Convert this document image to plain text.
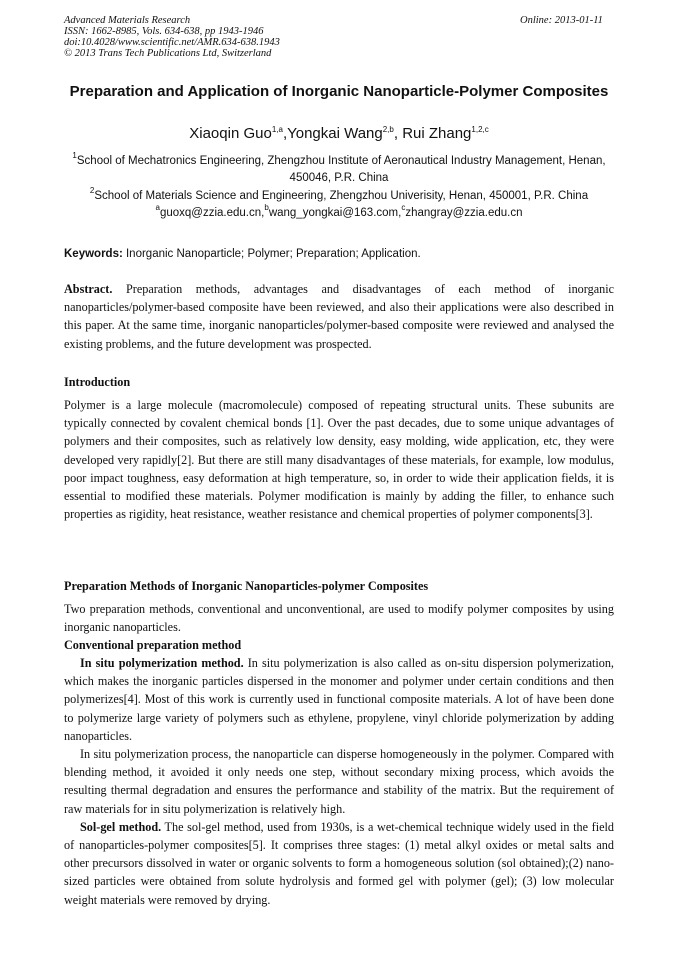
Advanced Materials Research
ISSN: 1662-8985, Vols. 634-638, pp 1943-1946
doi:10.4028/www.scientific.net/AMR.634-638.1943
© 2013 Trans Tech Publications Ltd, Switzerland
Online: 2013-01-11
Preparation and Application of Inorganic Nanoparticle-Polymer Composites
Xiaoqin Guo$^{1,a}$,Yongkai Wang$^{2,b}$, Rui Zhang$^{1,2,c}$
$^1$School of Mechatronics Engineering, Zhengzhou Institute of Aeronautical Industry Management, Henan, 450046, P.R. China
$^2$School of Materials Science and Engineering, Zhengzhou Univerisity, Henan, 450001, P.R. China
$^a$guoxq@zzia.edu.cn,$^b$wang_yongkai@163.com,$^c$zhangray@zzia.edu.cn
Keywords: Inorganic Nanoparticle; Polymer; Preparation; Application.

Abstract. Preparation methods, advantages and disadvantages of each method of inorganic nanoparticles/polymer-based composite have been reviewed, and also their applications were also described in this paper. At the same time, inorganic nanoparticles/polymer-based composite were reviewed and analysed the existing problems, and the future development was prospected.

Introduction

Polymer is a large molecule (macromolecule) composed of repeating structural units. These subunits are typically connected by covalent chemical bonds [1]. Over the past decades, due to some unique advantages of polymers and their composites, such as relatively low density, easy molding, wide application, etc, they were developed very rapidly[2]. But there are still many disadvantages of these materials, for example, low modulus, poor impact toughness, easy deformation at high temperature, so, in order to wide their application fields, it is essential to modified these materials. Polymer modification is mainly by adding the filler, to enhance such properties as rigidity, heat resistance, weather resistance and chemical properties of polymer components[3].

Preparation Methods of Inorganic Nanoparticles-polymer Composites

Two preparation methods, conventional and unconventional, are used to modify polymer composites by using inorganic nanoparticles.

Conventional preparation method

In situ polymerization method. In situ polymerization is also called as on-situ dispersion polymerization, which makes the inorganic particles dispersed in the monomer and polymer under certain conditions and then polymerizes[4]. Most of this work is currently used in functional composite materials. A lot of have been done to polymerize large variety of polymers such as ethylene, propylene, vinyl chloride polymerization by adding nanoparticles.

In situ polymerization process, the nanoparticle can disperse homogeneously in the polymer. Compared with blending method, it avoided it only needs one step, without secondary mixing process, which avoids the resulting thermal degradation and ensures the performance and stability of the matrix. But the requirement of raw materials for in situ polymerization is relatively high.

Sol-gel method. The sol-gel method, used from 1930s, is a wet-chemical technique widely used in the field of nanoparticles-polymer composites[5]. It comprises three stages: (1) metal alkyl oxides or metal salts and other precursors dissolved in water or organic solvents to form a homogeneous solution (sol obtained);(2) nano-sized particles were obtained from solute hydrolysis and formed gel with polymer (gel); (3) low molecular weight materials were removed by drying.
